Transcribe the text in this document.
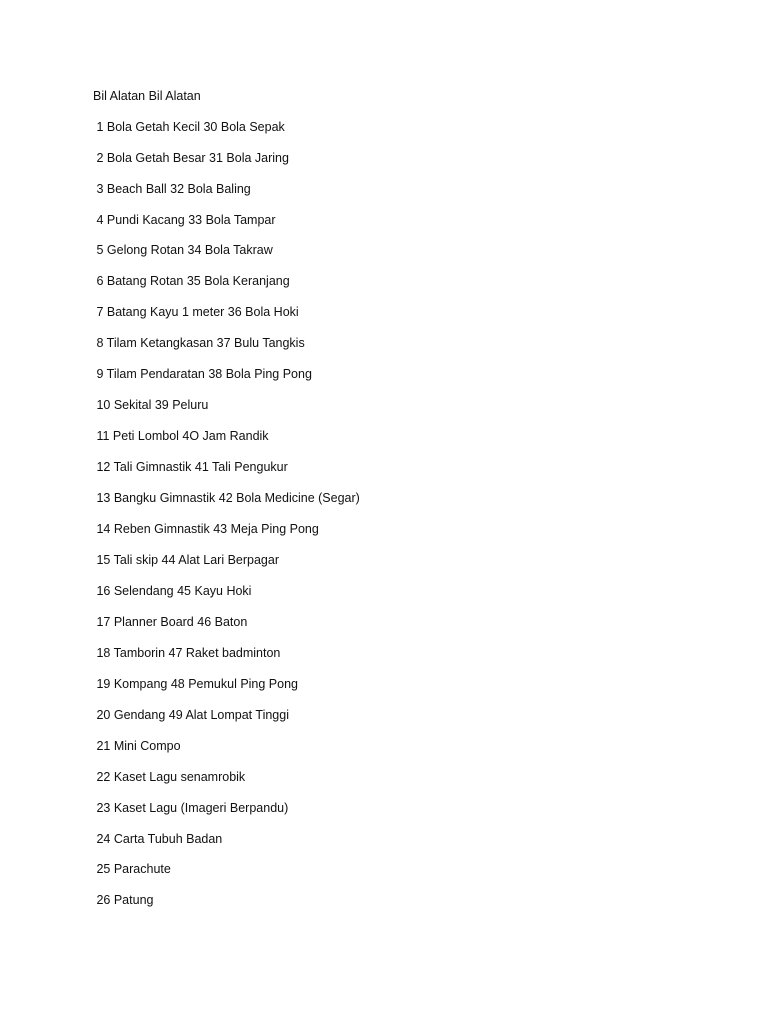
Bil Alatan Bil Alatan

1 Bola Getah Kecil 30 Bola Sepak

2 Bola Getah Besar 31 Bola Jaring

3 Beach Ball 32 Bola Baling

4 Pundi Kacang 33 Bola Tampar

5 Gelong Rotan 34 Bola Takraw

6 Batang Rotan 35 Bola Keranjang

7 Batang Kayu 1 meter 36 Bola Hoki

8 Tilam Ketangkasan 37 Bulu Tangkis

9 Tilam Pendaratan 38 Bola Ping Pong

10 Sekital 39 Peluru

11 Peti Lombol 4O Jam Randik

12 Tali Gimnastik 41 Tali Pengukur

13 Bangku Gimnastik 42 Bola Medicine (Segar)

14 Reben Gimnastik 43 Meja Ping Pong

15 Tali skip 44 Alat Lari Berpagar

16 Selendang 45 Kayu Hoki

17 Planner Board 46 Baton

18 Tamborin 47 Raket badminton

19 Kompang 48 Pemukul Ping Pong

20 Gendang 49 Alat Lompat Tinggi

21 Mini Compo

22 Kaset Lagu senamrobik

23 Kaset Lagu (Imageri Berpandu)

24 Carta Tubuh Badan

25 Parachute

26 Patung
